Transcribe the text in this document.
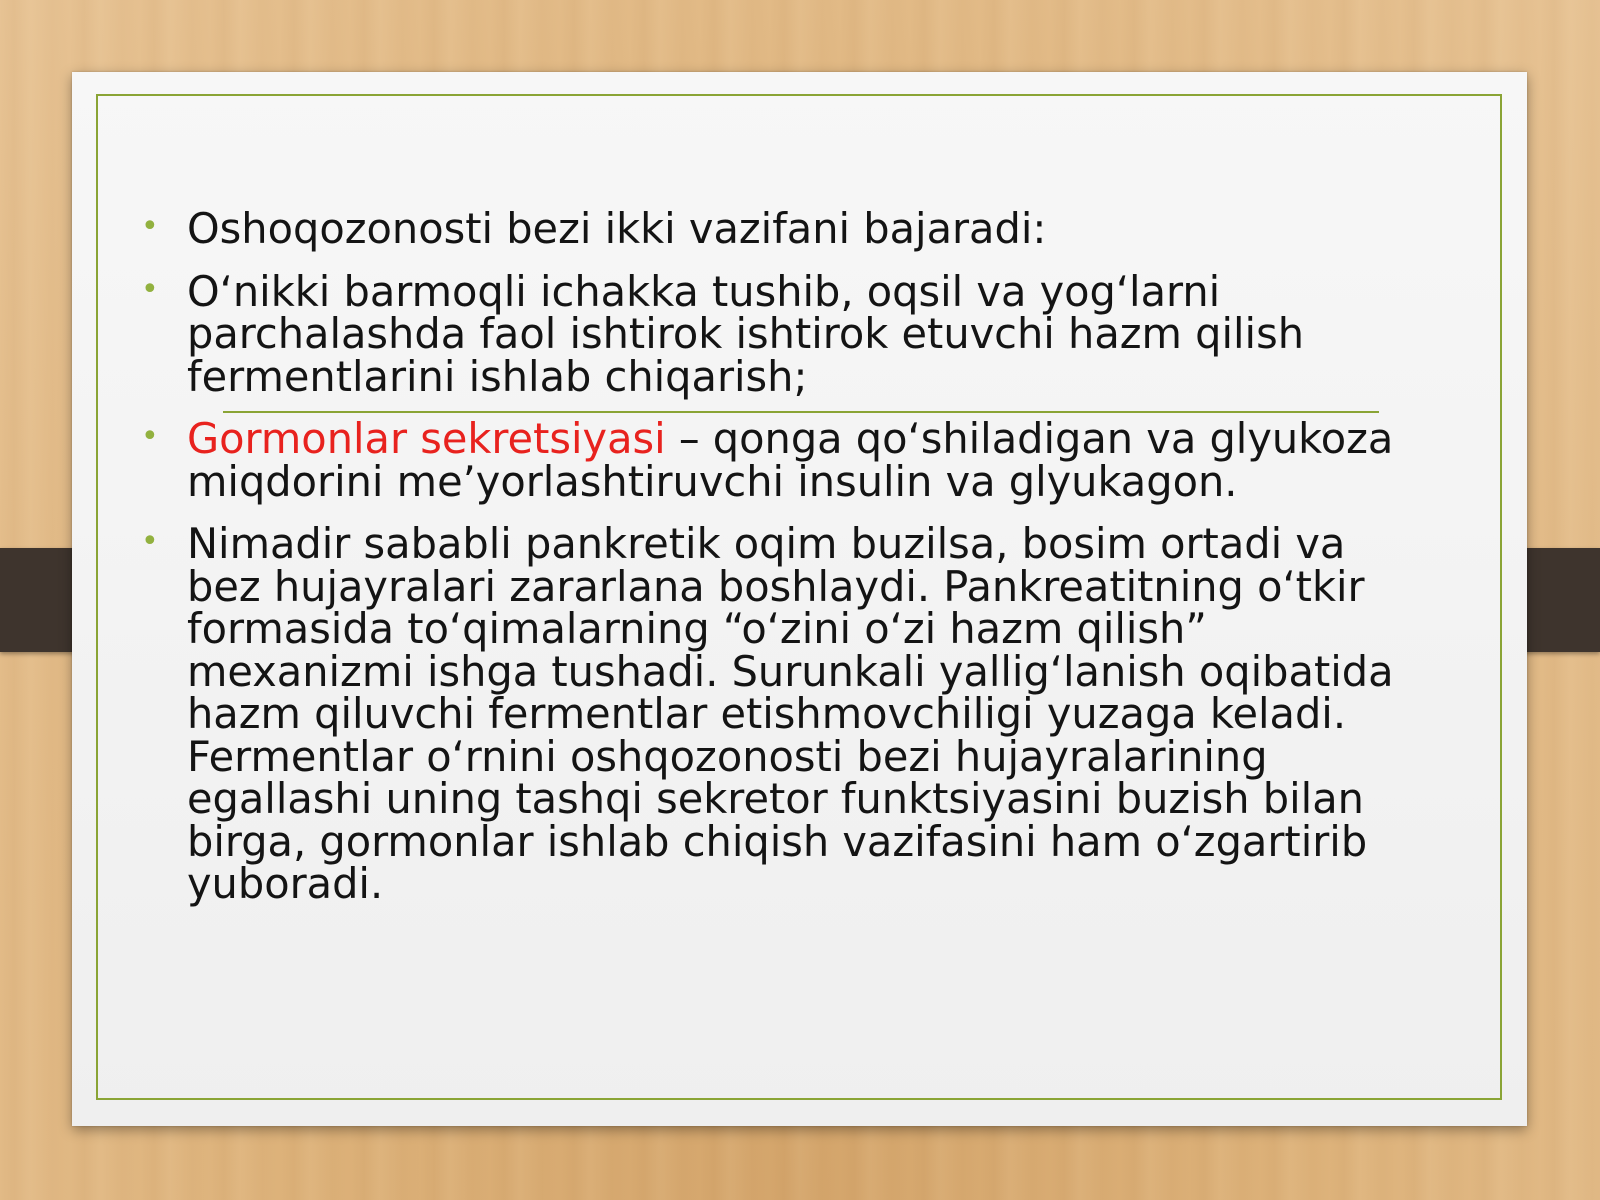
• Oshoqozonosti bezi ikki vazifani bajaradi:
• O‘nikki barmoqli ichakka tushib, oqsil va yog‘larni parchalashda faol ishtirok ishtirok etuvchi hazm qilish fermentlarini ishlab chiqarish;
• Gormonlar sekretsiyasi – qonga qo‘shiladigan va glyukoza miqdorini me’yorlashtiruvchi insulin va glyukagon.
• Nimadir sababli pankretik oqim buzilsa, bosim ortadi va bez hujayralari zararlana boshlaydi. Pankreatitning o‘tkir formasida to‘qimalarning “o‘zini o‘zi hazm qilish” mexanizmi ishga tushadi. Surunkali yallig‘lanish oqibatida hazm qiluvchi fermentlar etishmovchiligi yuzaga keladi. Fermentlar o‘rnini oshqozonosti bezi hujayralarining egallashi uning tashqi sekretor funktsiyasini buzish bilan birga, gormonlar ishlab chiqish vazifasini ham o‘zgartirib yuboradi.
